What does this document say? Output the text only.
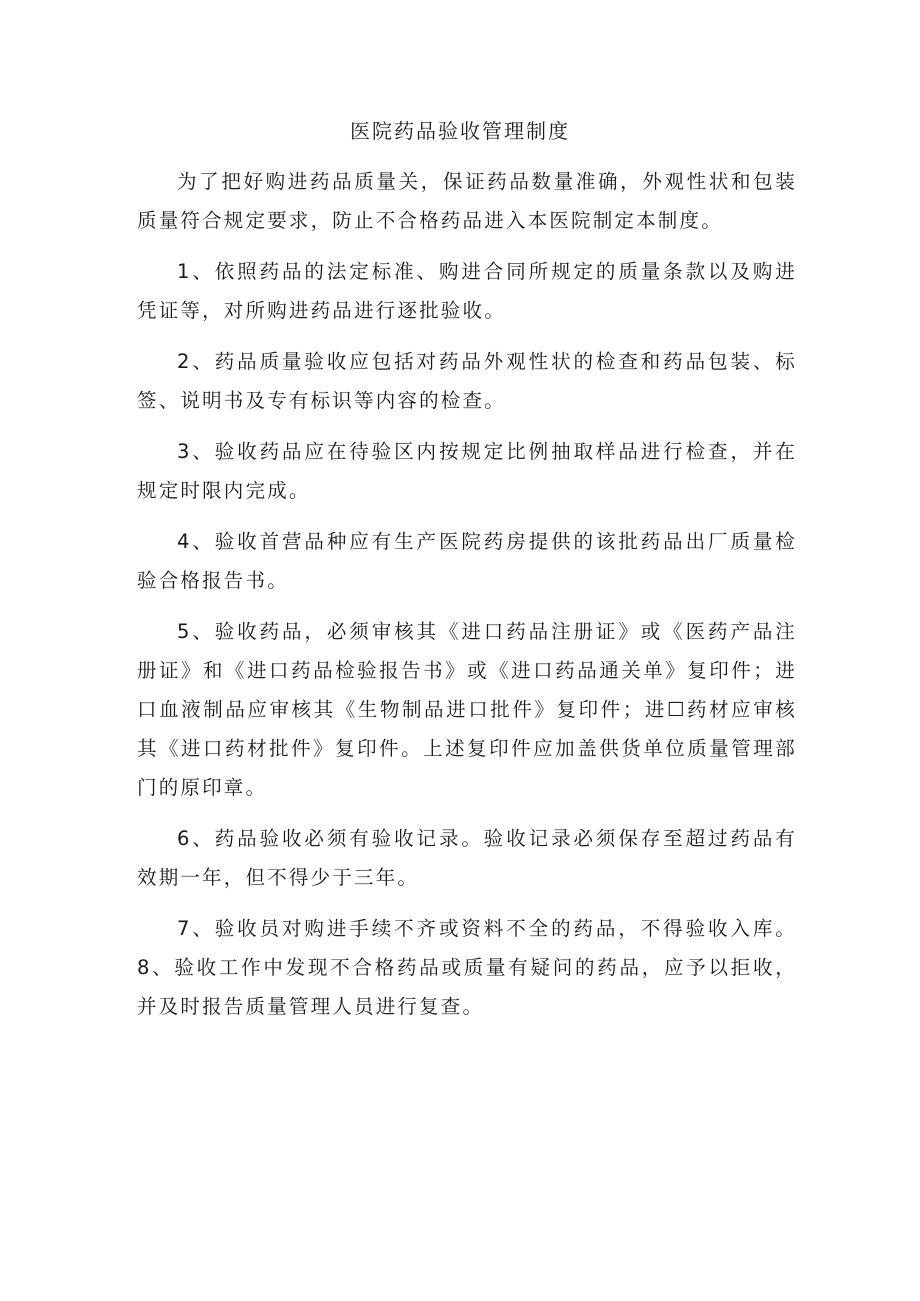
医院药品验收管理制度

为了把好购进药品质量关，保证药品数量准确，外观性状和包装质量符合规定要求，防止不合格药品进入本医院制定本制度。

1、依照药品的法定标准、购进合同所规定的质量条款以及购进凭证等，对所购进药品进行逐批验收。

2、药品质量验收应包括对药品外观性状的检查和药品包装、标签、说明书及专有标识等内容的检查。

3、验收药品应在待验区内按规定比例抽取样品进行检查，并在规定时限内完成。

4、验收首营品种应有生产医院药房提供的该批药品出厂质量检验合格报告书。

5、验收药品，必须审核其《进口药品注册证》或《医药产品注册证》和《进口药品检验报告书》或《进口药品通关单》复印件；进口血液制品应审核其《生物制品进口批件》复印件；进☐药材应审核其《进口药材批件》复印件。上述复印件应加盖供货单位质量管理部门的原印章。

6、药品验收必须有验收记录。验收记录必须保存至超过药品有效期一年，但不得少于三年。

7、验收员对购进手续不齐或资料不全的药品，不得验收入库。8、验收工作中发现不合格药品或质量有疑问的药品，应予以拒收，并及时报告质量管理人员进行复查。
